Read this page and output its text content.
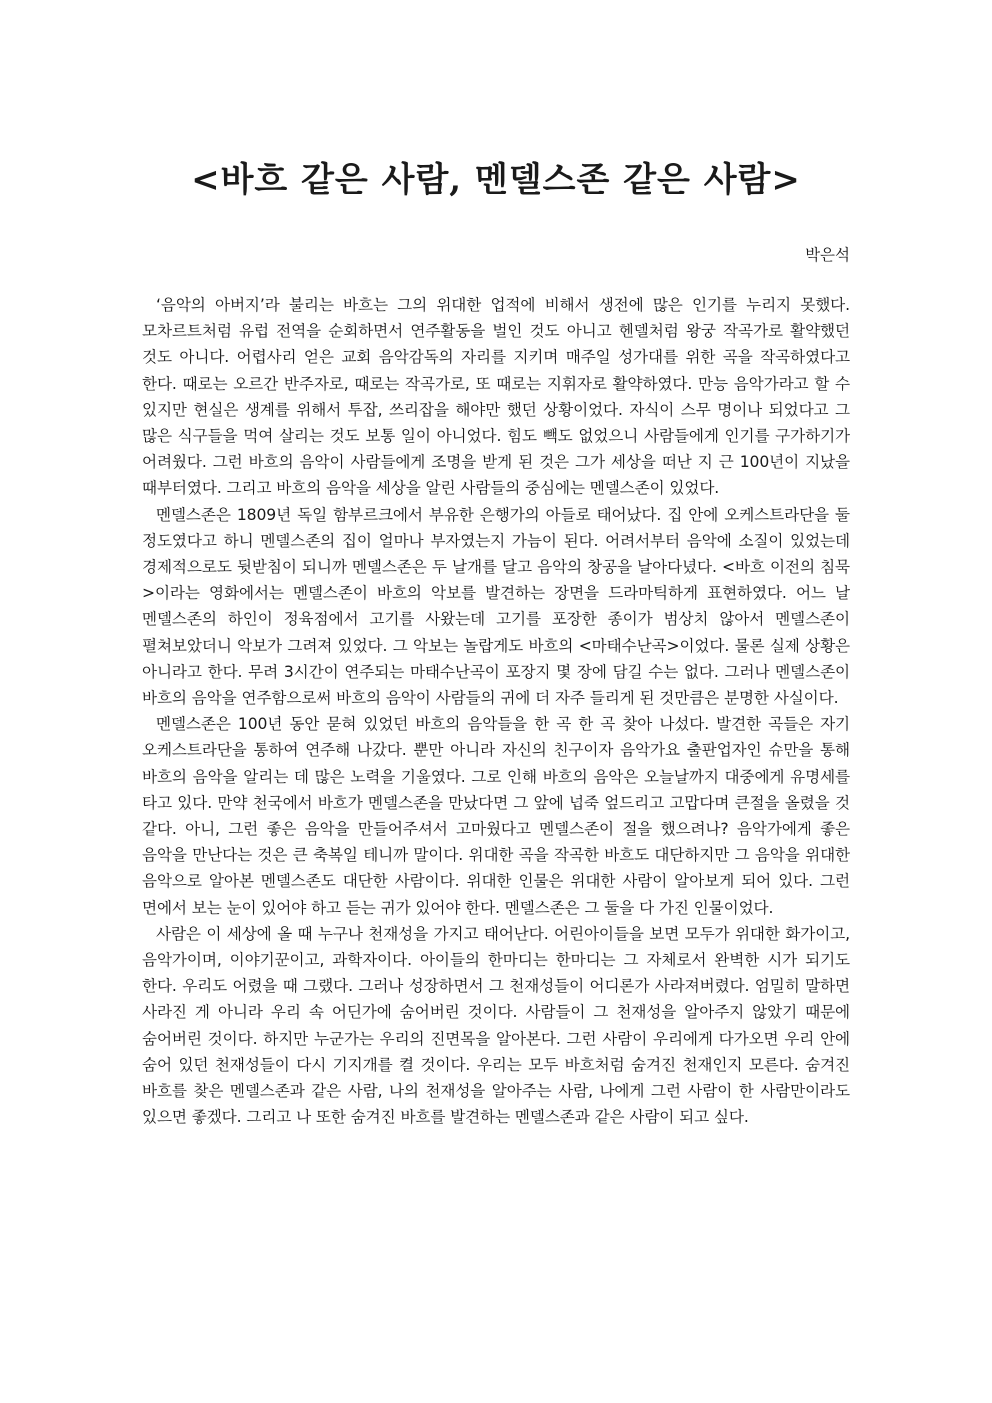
<바흐 같은 사람, 멘델스존 같은 사람>

박은석

‘음악의 아버지’라 불리는 바흐는 그의 위대한 업적에 비해서 생전에 많은 인기를 누리지 못했다. 모차르트처럼 유럽 전역을 순회하면서 연주활동을 벌인 것도 아니고 헨델처럼 왕궁 작곡가로 활약했던 것도 아니다. 어렵사리 얻은 교회 음악감독의 자리를 지키며 매주일 성가대를 위한 곡을 작곡하였다고 한다. 때로는 오르간 반주자로, 때로는 작곡가로, 또 때로는 지휘자로 활약하였다. 만능 음악가라고 할 수 있지만 현실은 생계를 위해서 투잡, 쓰리잡을 해야만 했던 상황이었다. 자식이 스무 명이나 되었다고 그 많은 식구들을 먹여 살리는 것도 보통 일이 아니었다. 힘도 빽도 없었으니 사람들에게 인기를 구가하기가 어려웠다. 그런 바흐의 음악이 사람들에게 조명을 받게 된 것은 그가 세상을 떠난 지 근 100년이 지났을 때부터였다. 그리고 바흐의 음악을 세상을 알린 사람들의 중심에는 멘델스존이 있었다.

멘델스존은 1809년 독일 함부르크에서 부유한 은행가의 아들로 태어났다. 집 안에 오케스트라단을 둘 정도였다고 하니 멘델스존의 집이 얼마나 부자였는지 가늠이 된다. 어려서부터 음악에 소질이 있었는데 경제적으로도 뒷받침이 되니까 멘델스존은 두 날개를 달고 음악의 창공을 날아다녔다. <바흐 이전의 침묵>이라는 영화에서는 멘델스존이 바흐의 악보를 발견하는 장면을 드라마틱하게 표현하였다. 어느 날 멘델스존의 하인이 정육점에서 고기를 사왔는데 고기를 포장한 종이가 범상치 않아서 멘델스존이 펼쳐보았더니 악보가 그려져 있었다. 그 악보는 놀랍게도 바흐의 <마태수난곡>이었다. 물론 실제 상황은 아니라고 한다. 무려 3시간이 연주되는 마태수난곡이 포장지 몇 장에 담길 수는 없다. 그러나 멘델스존이 바흐의 음악을 연주함으로써 바흐의 음악이 사람들의 귀에 더 자주 들리게 된 것만큼은 분명한 사실이다.

멘델스존은 100년 동안 묻혀 있었던 바흐의 음악들을 한 곡 한 곡 찾아 나섰다. 발견한 곡들은 자기 오케스트라단을 통하여 연주해 나갔다. 뿐만 아니라 자신의 친구이자 음악가요 출판업자인 슈만을 통해 바흐의 음악을 알리는 데 많은 노력을 기울였다. 그로 인해 바흐의 음악은 오늘날까지 대중에게 유명세를 타고 있다. 만약 천국에서 바흐가 멘델스존을 만났다면 그 앞에 넙죽 엎드리고 고맙다며 큰절을 올렸을 것 같다. 아니, 그런 좋은 음악을 만들어주셔서 고마웠다고 멘델스존이 절을 했으려나? 음악가에게 좋은 음악을 만난다는 것은 큰 축복일 테니까 말이다. 위대한 곡을 작곡한 바흐도 대단하지만 그 음악을 위대한 음악으로 알아본 멘델스존도 대단한 사람이다. 위대한 인물은 위대한 사람이 알아보게 되어 있다. 그런 면에서 보는 눈이 있어야 하고 듣는 귀가 있어야 한다. 멘델스존은 그 둘을 다 가진 인물이었다.

사람은 이 세상에 올 때 누구나 천재성을 가지고 태어난다. 어린아이들을 보면 모두가 위대한 화가이고, 음악가이며, 이야기꾼이고, 과학자이다. 아이들의 한마디는 한마디는 그 자체로서 완벽한 시가 되기도 한다. 우리도 어렸을 때 그랬다. 그러나 성장하면서 그 천재성들이 어디론가 사라져버렸다. 엄밀히 말하면 사라진 게 아니라 우리 속 어딘가에 숨어버린 것이다. 사람들이 그 천재성을 알아주지 않았기 때문에 숨어버린 것이다. 하지만 누군가는 우리의 진면목을 알아본다. 그런 사람이 우리에게 다가오면 우리 안에 숨어 있던 천재성들이 다시 기지개를 켤 것이다. 우리는 모두 바흐처럼 숨겨진 천재인지 모른다. 숨겨진 바흐를 찾은 멘델스존과 같은 사람, 나의 천재성을 알아주는 사람, 나에게 그런 사람이 한 사람만이라도 있으면 좋겠다. 그리고 나 또한 숨겨진 바흐를 발견하는 멘델스존과 같은 사람이 되고 싶다.
